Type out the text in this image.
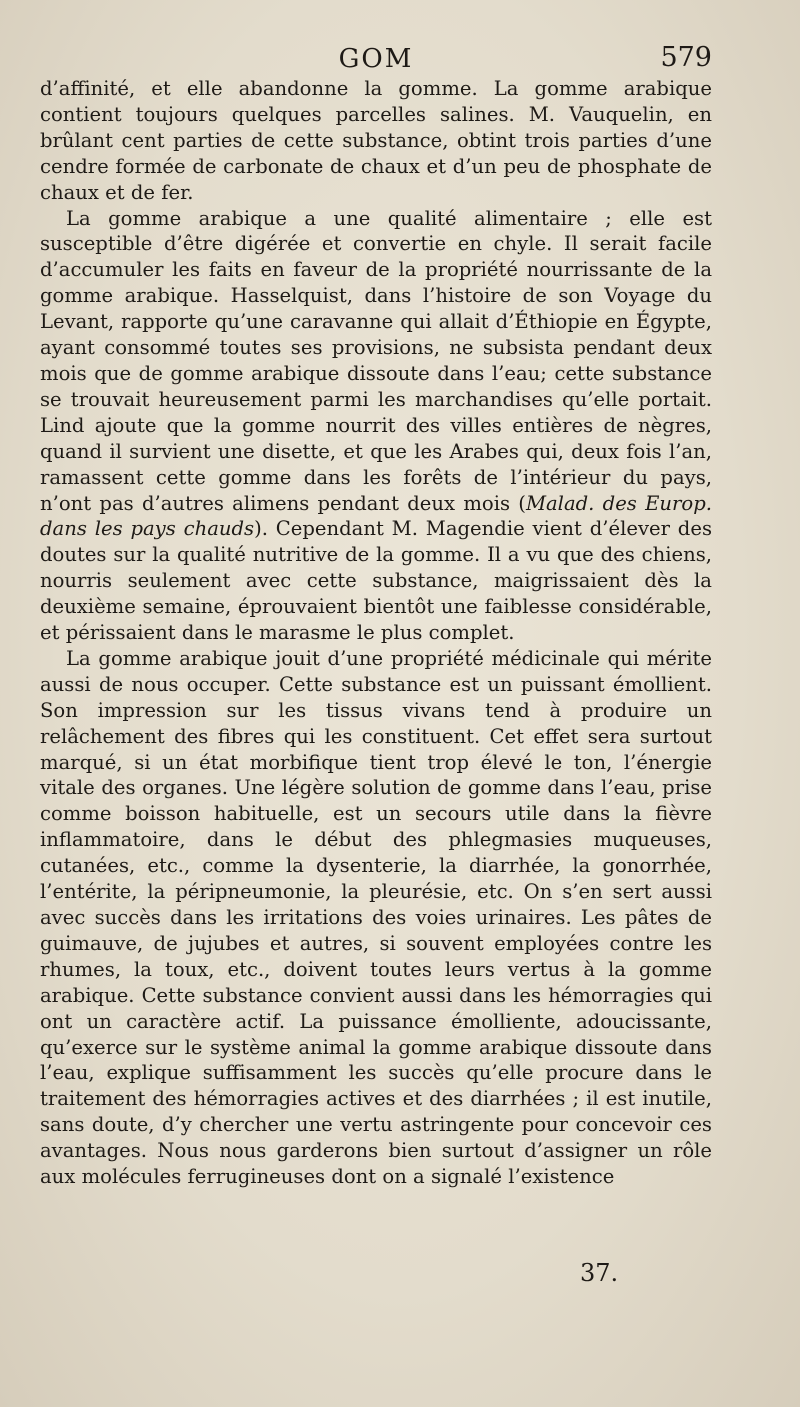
GOM	579

d’affinité, et elle abandonne la gomme. La gomme arabique contient toujours quelques parcelles salines. M. Vauquelin, en brûlant cent parties de cette substance, obtint trois parties d’une cendre formée de carbonate de chaux et d’un peu de phosphate de chaux et de fer.

La gomme arabique a une qualité alimentaire ; elle est susceptible d’être digérée et convertie en chyle. Il serait facile d’accumuler les faits en faveur de la propriété nourrissante de la gomme arabique. Hasselquist, dans l’histoire de son Voyage du Levant, rapporte qu’une caravanne qui allait d’Éthiopie en Égypte, ayant consommé toutes ses provisions, ne subsista pendant deux mois que de gomme arabique dissoute dans l’eau; cette substance se trouvait heureusement parmi les marchandises qu’elle portait. Lind ajoute que la gomme nourrit des villes entières de nègres, quand il survient une disette, et que les Arabes qui, deux fois l’an, ramassent cette gomme dans les forêts de l’intérieur du pays, n’ont pas d’autres alimens pendant deux mois (Malad. des Europ. dans les pays chauds). Cependant M. Magendie vient d’élever des doutes sur la qualité nutritive de la gomme. Il a vu que des chiens, nourris seulement avec cette substance, maigrissaient dès la deuxième semaine, éprouvaient bientôt une faiblesse considérable, et périssaient dans le marasme le plus complet.

La gomme arabique jouit d’une propriété médicinale qui mérite aussi de nous occuper. Cette substance est un puissant émollient. Son impression sur les tissus vivans tend à produire un relâchement des fibres qui les constituent. Cet effet sera surtout marqué, si un état morbifique tient trop élevé le ton, l’énergie vitale des organes. Une légère solution de gomme dans l’eau, prise comme boisson habituelle, est un secours utile dans la fièvre inflammatoire, dans le début des phlegmasies muqueuses, cutanées, etc., comme la dysenterie, la diarrhée, la gonorrhée, l’entérite, la péripneumonie, la pleurésie, etc. On s’en sert aussi avec succès dans les irritations des voies urinaires. Les pâtes de guimauve, de jujubes et autres, si souvent employées contre les rhumes, la toux, etc., doivent toutes leurs vertus à la gomme arabique. Cette substance convient aussi dans les hémorragies qui ont un caractère actif. La puissance émolliente, adoucissante, qu’exerce sur le système animal la gomme arabique dissoute dans l’eau, explique suffisamment les succès qu’elle procure dans le traitement des hémorragies actives et des diarrhées ; il est inutile, sans doute, d’y chercher une vertu astringente pour concevoir ces avantages. Nous nous garderons bien surtout d’assigner un rôle aux molécules ferrugineuses dont on a signalé l’existence

37.
